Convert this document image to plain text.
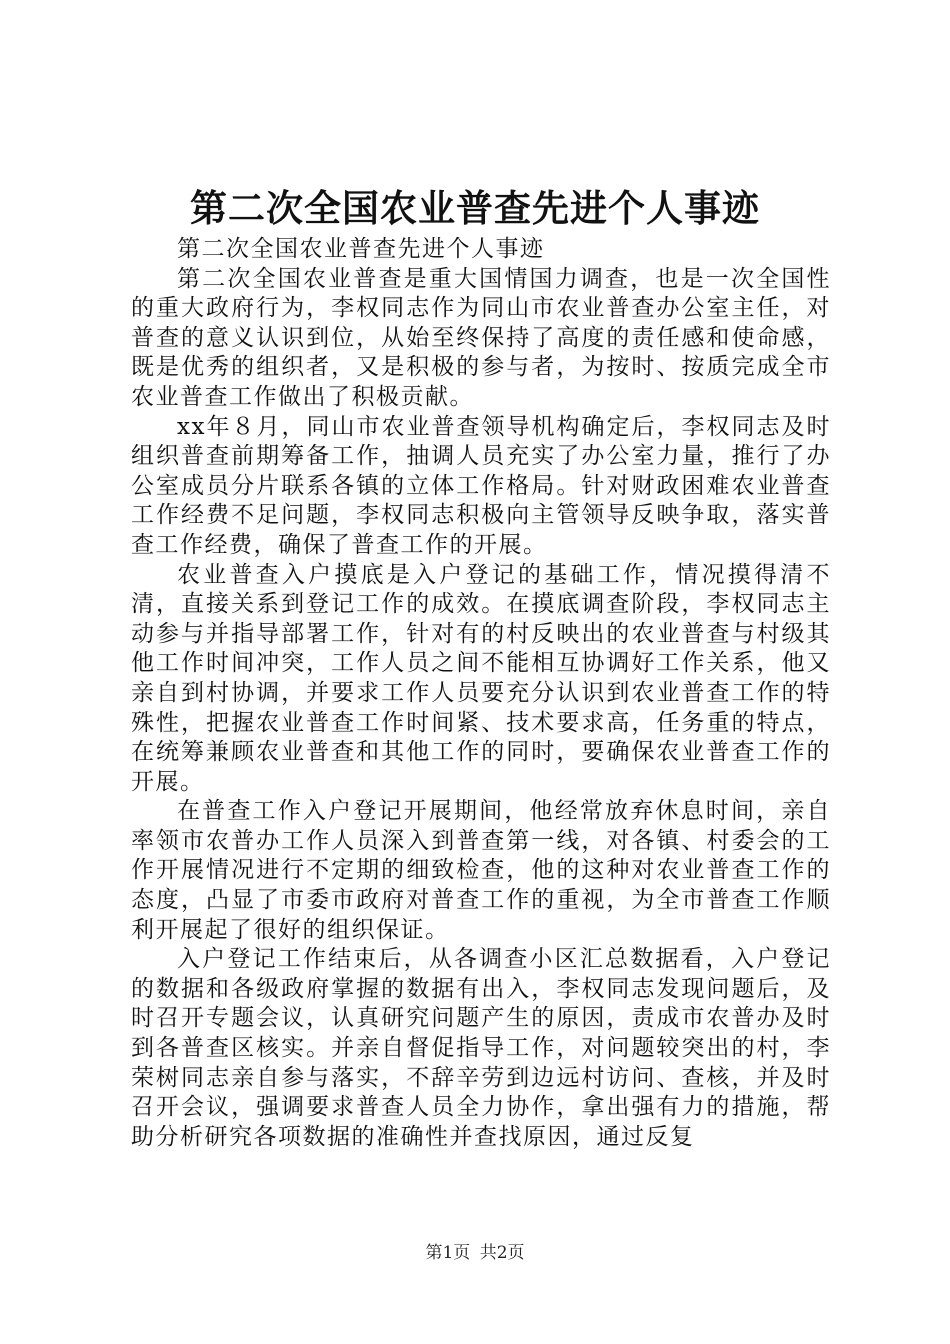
第二次全国农业普查先进个人事迹

第二次全国农业普查先进个人事迹

第二次全国农业普查是重大国情国力调查，也是一次全国性的重大政府行为，李权同志作为同山市农业普查办公室主任，对普查的意义认识到位，从始至终保持了高度的责任感和使命感，既是优秀的组织者，又是积极的参与者，为按时、按质完成全市农业普查工作做出了积极贡献。

xx年８月，同山市农业普查领导机构确定后，李权同志及时组织普查前期筹备工作，抽调人员充实了办公室力量，推行了办公室成员分片联系各镇的立体工作格局。针对财政困难农业普查工作经费不足问题，李权同志积极向主管领导反映争取，落实普查工作经费，确保了普查工作的开展。

农业普查入户摸底是入户登记的基础工作，情况摸得清不清，直接关系到登记工作的成效。在摸底调查阶段，李权同志主动参与并指导部署工作，针对有的村反映出的农业普查与村级其他工作时间冲突，工作人员之间不能相互协调好工作关系，他又亲自到村协调，并要求工作人员要充分认识到农业普查工作的特殊性，把握农业普查工作时间紧、技术要求高，任务重的特点，在统筹兼顾农业普查和其他工作的同时，要确保农业普查工作的开展。

在普查工作入户登记开展期间，他经常放弃休息时间，亲自率领市农普办工作人员深入到普查第一线，对各镇、村委会的工作开展情况进行不定期的细致检查，他的这种对农业普查工作的态度，凸显了市委市政府对普查工作的重视，为全市普查工作顺利开展起了很好的组织保证。

入户登记工作结束后，从各调查小区汇总数据看，入户登记的数据和各级政府掌握的数据有出入，李权同志发现问题后，及时召开专题会议，认真研究问题产生的原因，责成市农普办及时到各普查区核实。并亲自督促指导工作，对问题较突出的村，李荣树同志亲自参与落实，不辞辛劳到边远村访问、查核，并及时召开会议，强调要求普查人员全力协作，拿出强有力的措施，帮助分析研究各项数据的准确性并查找原因，通过反复

第1页 共2页
